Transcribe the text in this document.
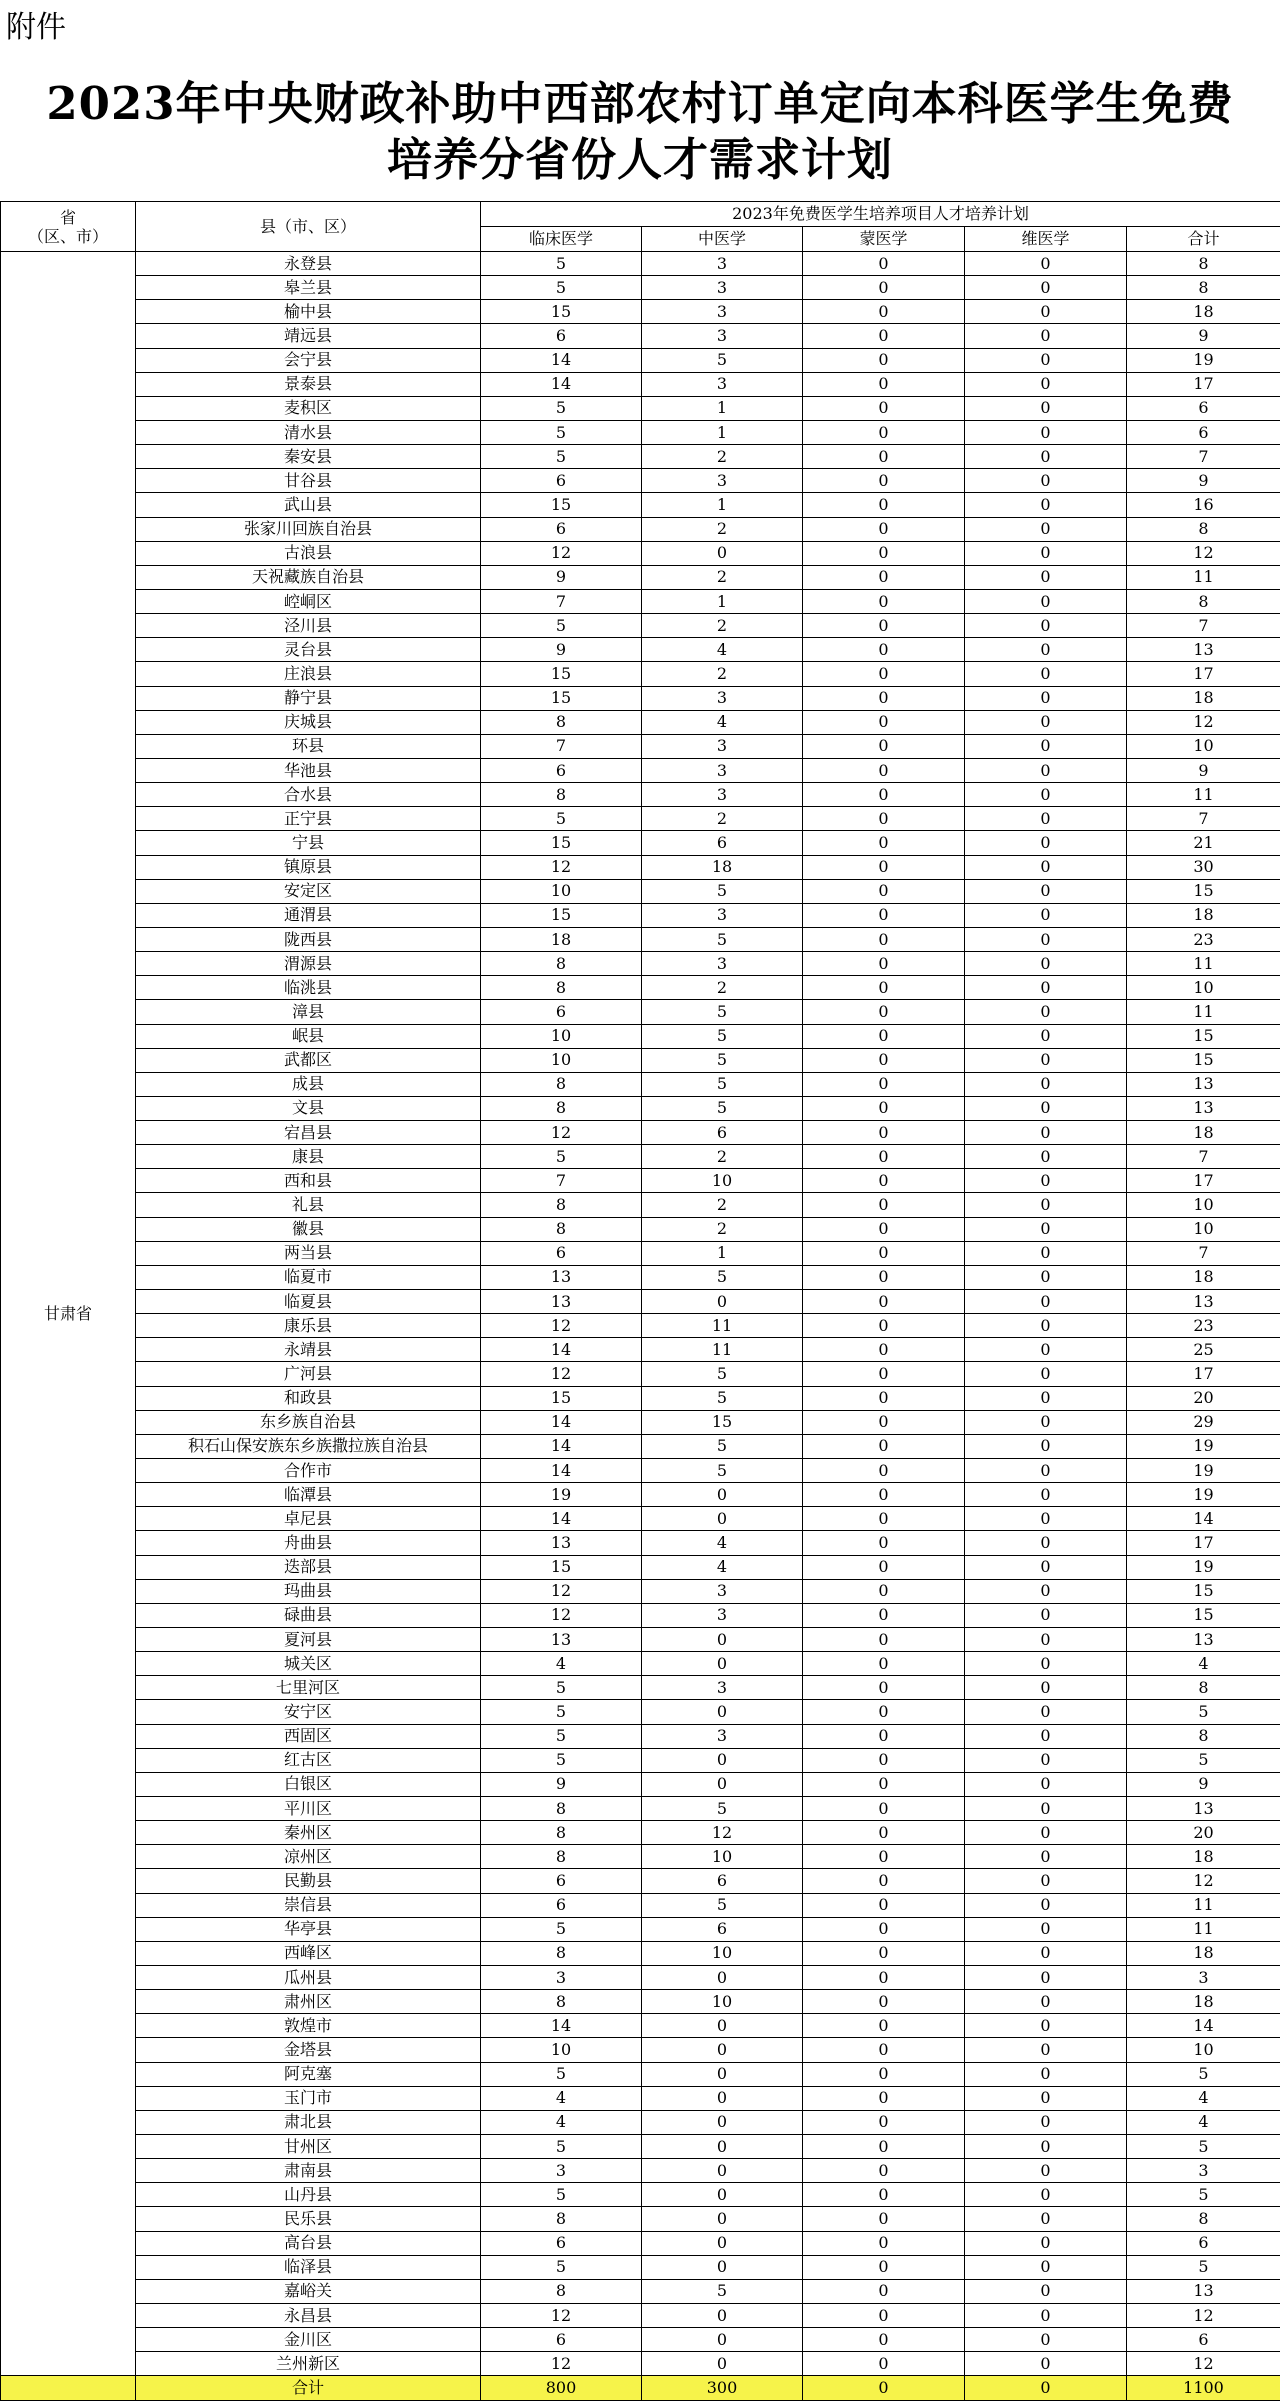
附件
2023年中央财政补助中西部农村订单定向本科医学生免费
培养分省份人才需求计划
省
（区、市）	县（市、区）	2023年免费医学生培养项目人才培养计划				
		临床医学	中医学	蒙医学	维医学	合计
甘肃省	永登县	5	3	0	0	8
	皋兰县	5	3	0	0	8
	榆中县	15	3	0	0	18
	靖远县	6	3	0	0	9
	会宁县	14	5	0	0	19
	景泰县	14	3	0	0	17
	麦积区	5	1	0	0	6
	清水县	5	1	0	0	6
	秦安县	5	2	0	0	7
	甘谷县	6	3	0	0	9
	武山县	15	1	0	0	16
	张家川回族自治县	6	2	0	0	8
	古浪县	12	0	0	0	12
	天祝藏族自治县	9	2	0	0	11
	崆峒区	7	1	0	0	8
	泾川县	5	2	0	0	7
	灵台县	9	4	0	0	13
	庄浪县	15	2	0	0	17
	静宁县	15	3	0	0	18
	庆城县	8	4	0	0	12
	环县	7	3	0	0	10
	华池县	6	3	0	0	9
	合水县	8	3	0	0	11
	正宁县	5	2	0	0	7
	宁县	15	6	0	0	21
	镇原县	12	18	0	0	30
	安定区	10	5	0	0	15
	通渭县	15	3	0	0	18
	陇西县	18	5	0	0	23
	渭源县	8	3	0	0	11
	临洮县	8	2	0	0	10
	漳县	6	5	0	0	11
	岷县	10	5	0	0	15
	武都区	10	5	0	0	15
	成县	8	5	0	0	13
	文县	8	5	0	0	13
	宕昌县	12	6	0	0	18
	康县	5	2	0	0	7
	西和县	7	10	0	0	17
	礼县	8	2	0	0	10
	徽县	8	2	0	0	10
	两当县	6	1	0	0	7
	临夏市	13	5	0	0	18
	临夏县	13	0	0	0	13
	康乐县	12	11	0	0	23
	永靖县	14	11	0	0	25
	广河县	12	5	0	0	17
	和政县	15	5	0	0	20
	东乡族自治县	14	15	0	0	29
	积石山保安族东乡族撒拉族自治县	14	5	0	0	19
	合作市	14	5	0	0	19
	临潭县	19	0	0	0	19
	卓尼县	14	0	0	0	14
	舟曲县	13	4	0	0	17
	迭部县	15	4	0	0	19
	玛曲县	12	3	0	0	15
	碌曲县	12	3	0	0	15
	夏河县	13	0	0	0	13
	城关区	4	0	0	0	4
	七里河区	5	3	0	0	8
	安宁区	5	0	0	0	5
	西固区	5	3	0	0	8
	红古区	5	0	0	0	5
	白银区	9	0	0	0	9
	平川区	8	5	0	0	13
	秦州区	8	12	0	0	20
	凉州区	8	10	0	0	18
	民勤县	6	6	0	0	12
	崇信县	6	5	0	0	11
	华亭县	5	6	0	0	11
	西峰区	8	10	0	0	18
	瓜州县	3	0	0	0	3
	肃州区	8	10	0	0	18
	敦煌市	14	0	0	0	14
	金塔县	10	0	0	0	10
	阿克塞	5	0	0	0	5
	玉门市	4	0	0	0	4
	肃北县	4	0	0	0	4
	甘州区	5	0	0	0	5
	肃南县	3	0	0	0	3
	山丹县	5	0	0	0	5
	民乐县	8	0	0	0	8
	高台县	6	0	0	0	6
	临泽县	5	0	0	0	5
	嘉峪关	8	5	0	0	13
	永昌县	12	0	0	0	12
	金川区	6	0	0	0	6
	兰州新区	12	0	0	0	12
	合计	800	300	0	0	1100
